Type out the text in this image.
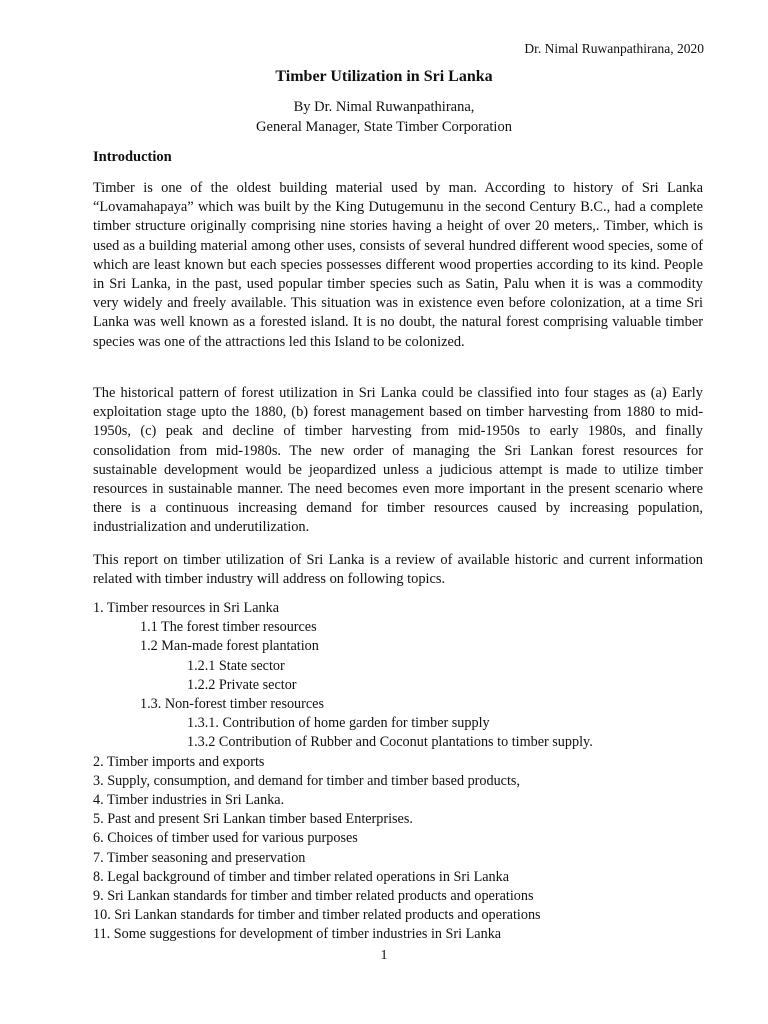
Dr. Nimal Ruwanpathirana, 2020
Timber Utilization in Sri Lanka
By Dr. Nimal Ruwanpathirana,
General Manager, State Timber Corporation
Introduction

Timber is one of the oldest building material used by man. According to history of Sri Lanka “Lovamahapaya” which was built by the King Dutugemunu in the second Century B.C., had a complete timber structure originally comprising nine stories having a height of over 20 meters,. Timber, which is used as a building material among other uses, consists of several hundred different wood species, some of which are least known but each species possesses different wood properties according to its kind. People in Sri Lanka, in the past, used popular timber species such as Satin, Palu when it is was a commodity very widely and freely available. This situation was in existence even before colonization, at a time Sri Lanka was well known as a forested island. It is no doubt, the natural forest comprising valuable timber species was one of the attractions led this Island to be colonized.

The historical pattern of forest utilization in Sri Lanka could be classified into four stages as (a) Early exploitation stage upto the 1880, (b) forest management based on timber harvesting from 1880 to mid-1950s, (c) peak and decline of timber harvesting from mid-1950s to early 1980s, and finally consolidation from mid-1980s. The new order of managing the Sri Lankan forest resources for sustainable development would be jeopardized unless a judicious attempt is made to utilize timber resources in sustainable manner. The need becomes even more important in the present scenario where there is a continuous increasing demand for timber resources caused by increasing population, industrialization and underutilization.

This report on timber utilization of Sri Lanka is a review of available historic and current information related with timber industry will address on following topics.

1. Timber resources in Sri Lanka
1.1 The forest timber resources
1.2 Man-made forest plantation
1.2.1 State sector
1.2.2 Private sector
1.3. Non-forest timber resources
1.3.1. Contribution of home garden for timber supply
1.3.2 Contribution of Rubber and Coconut plantations to timber supply.
2. Timber imports and exports
3. Supply, consumption, and demand for timber and timber based products,
4. Timber industries in Sri Lanka.
5. Past and present Sri Lankan timber based Enterprises.
6. Choices of timber used for various purposes
7. Timber seasoning and preservation
8. Legal background of timber and timber related operations in Sri Lanka
9. Sri Lankan standards for timber and timber related products and operations
10. Sri Lankan standards for timber and timber related products and operations
11. Some suggestions for development of timber industries in Sri Lanka
1
